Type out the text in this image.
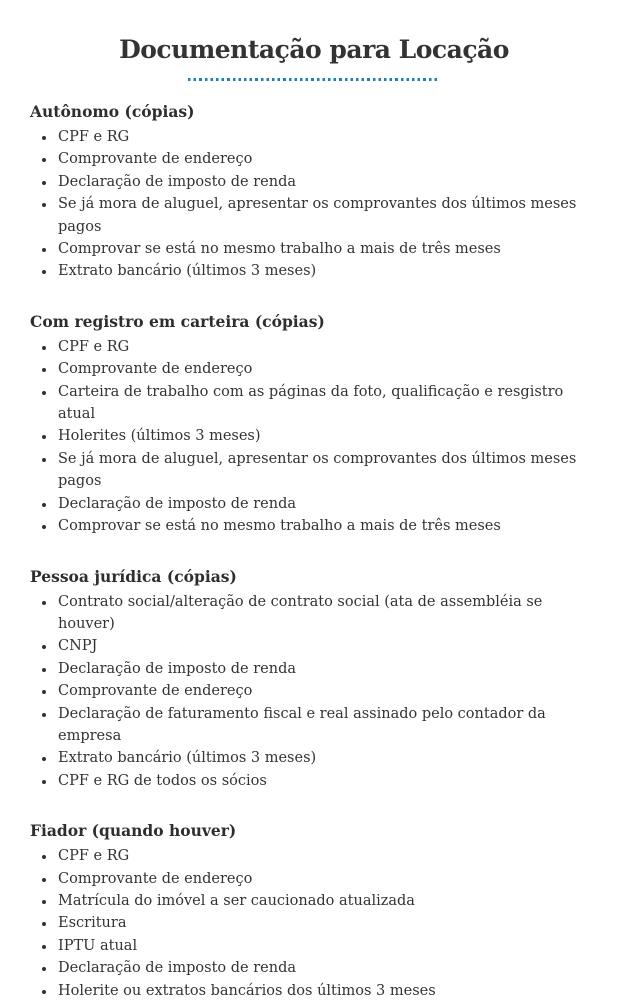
Documentação para Locação
Autônomo (cópias)
• CPF e RG
• Comprovante de endereço
• Declaração de imposto de renda
• Se já mora de aluguel, apresentar os comprovantes dos últimos meses pagos
• Comprovar se está no mesmo trabalho a mais de três meses
• Extrato bancário (últimos 3 meses)
Com registro em carteira (cópias)
• CPF e RG
• Comprovante de endereço
• Carteira de trabalho com as páginas da foto, qualificação e resgistro atual
• Holerites (últimos 3 meses)
• Se já mora de aluguel, apresentar os comprovantes dos últimos meses pagos
• Declaração de imposto de renda
• Comprovar se está no mesmo trabalho a mais de três meses
Pessoa jurídica (cópias)
• Contrato social/alteração de contrato social (ata de assembléia se houver)
• CNPJ
• Declaração de imposto de renda
• Comprovante de endereço
• Declaração de faturamento fiscal e real assinado pelo contador da empresa
• Extrato bancário (últimos 3 meses)
• CPF e RG de todos os sócios
Fiador (quando houver)
• CPF e RG
• Comprovante de endereço
• Matrícula do imóvel a ser caucionado atualizada
• Escritura
• IPTU atual
• Declaração de imposto de renda
• Holerite ou extratos bancários dos últimos 3 meses
